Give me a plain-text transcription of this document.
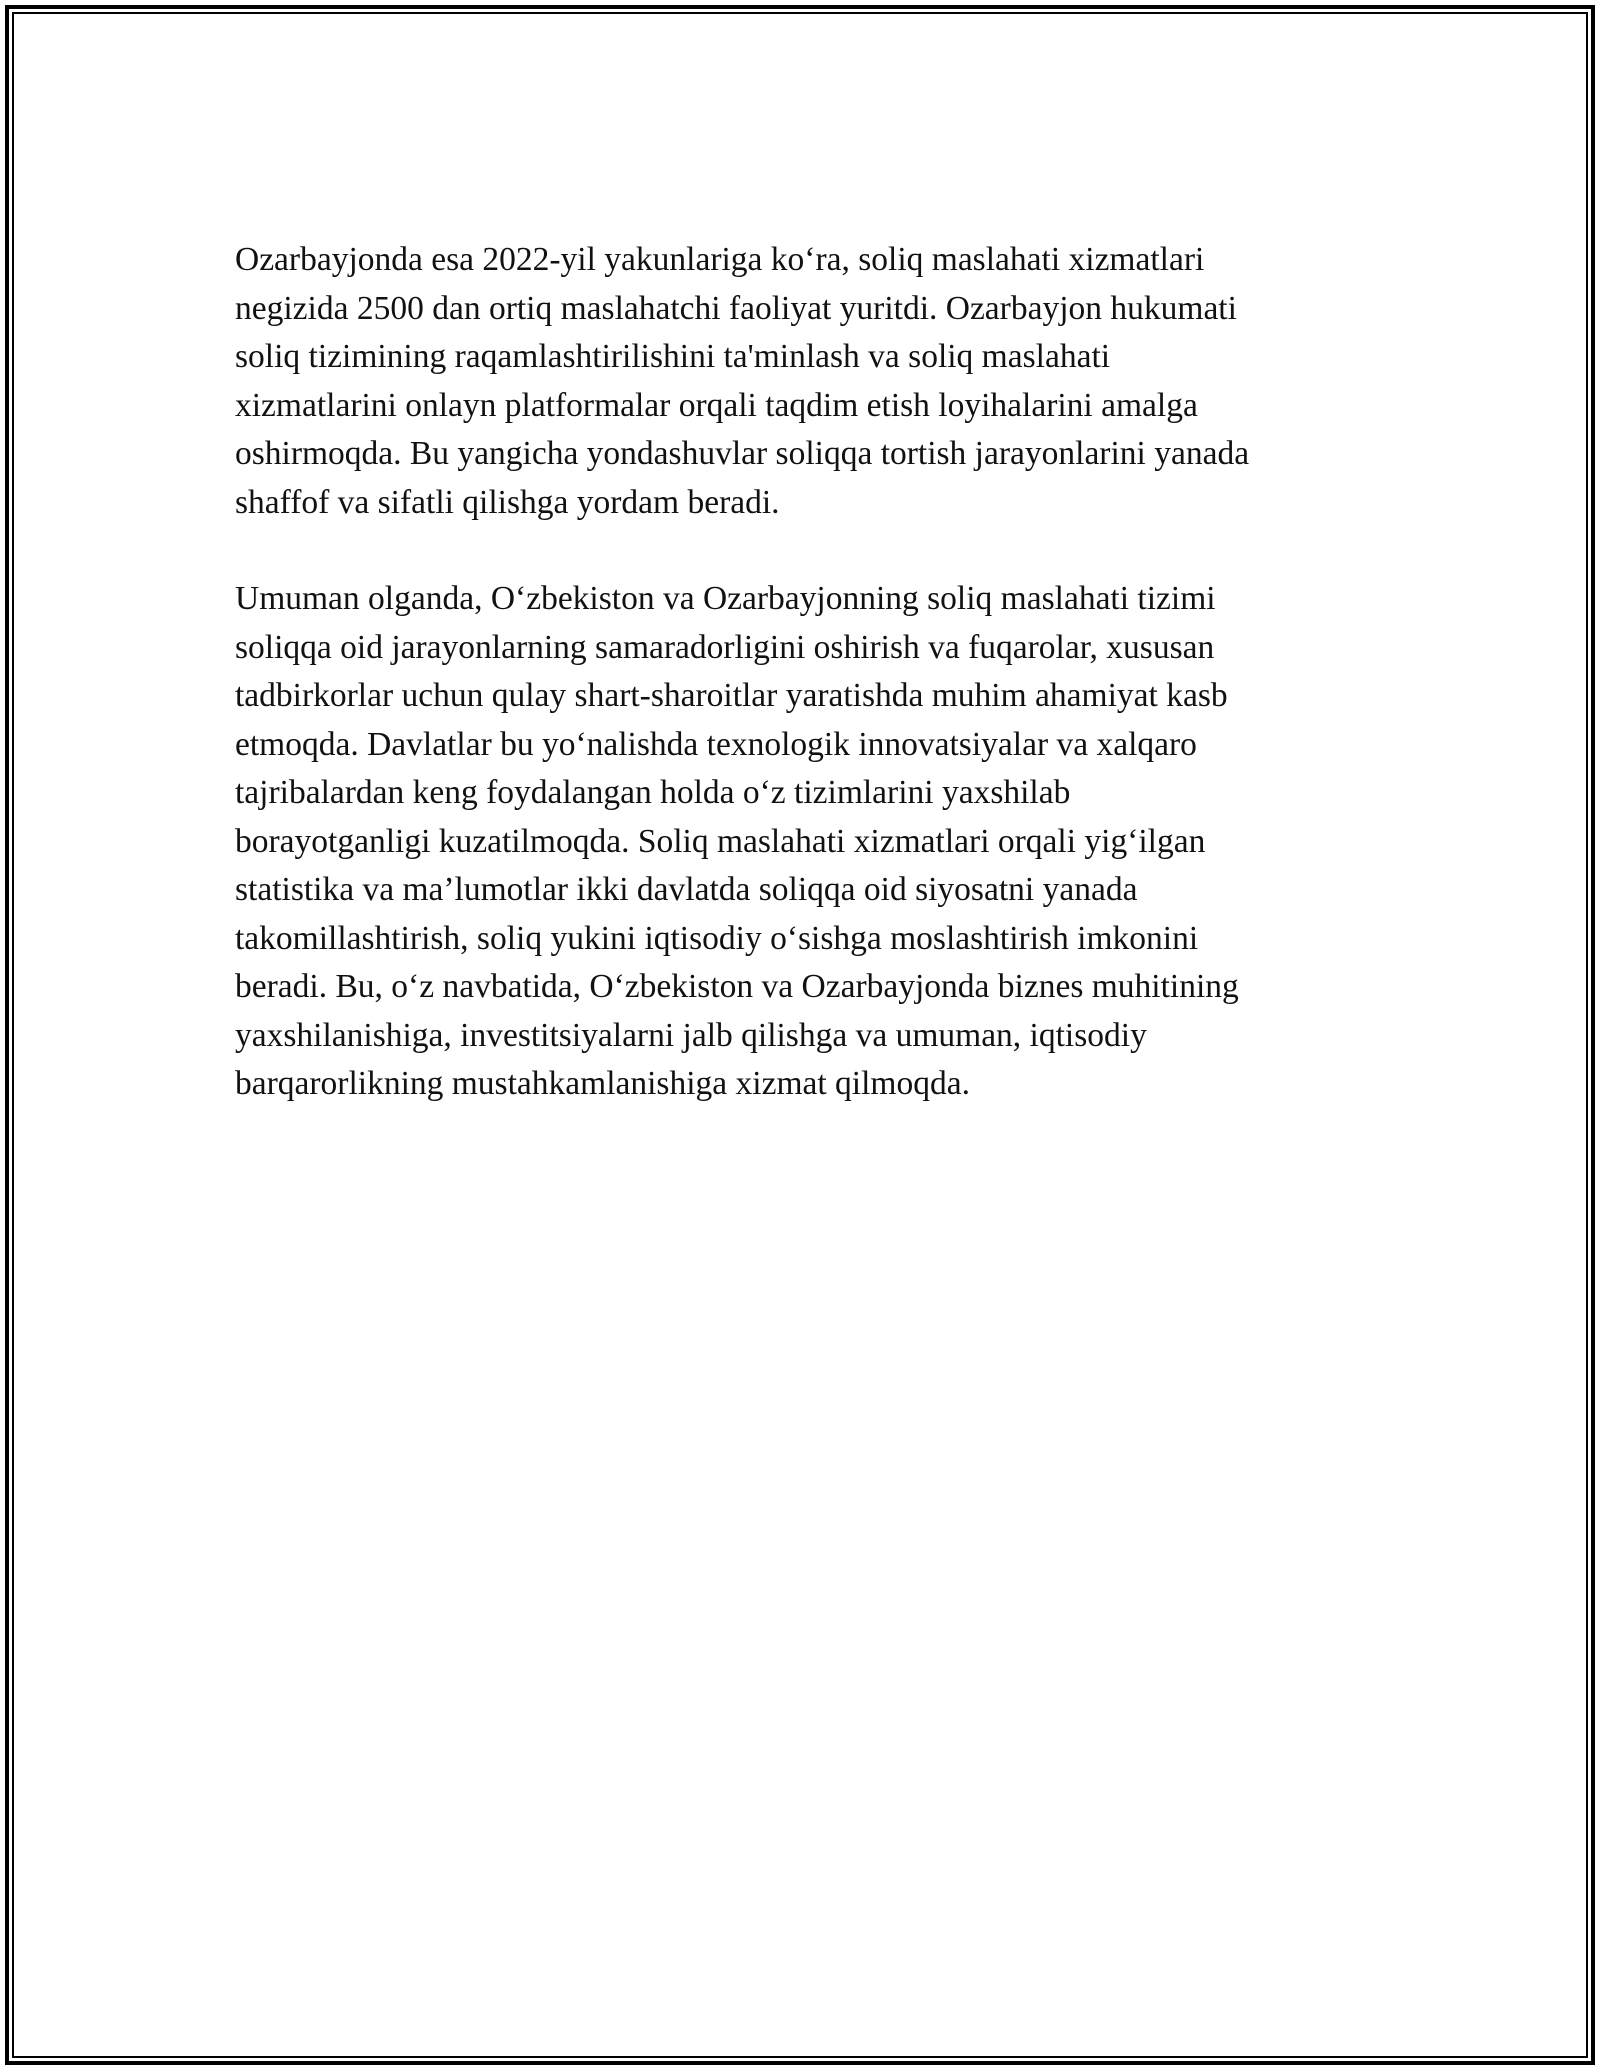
Ozarbayjonda esa 2022-yil yakunlariga ko‘ra, soliq maslahati xizmatlari
negizida 2500 dan ortiq maslahatchi faoliyat yuritdi. Ozarbayjon hukumati
soliq tizimining raqamlashtirilishini ta'minlash va soliq maslahati
xizmatlarini onlayn platformalar orqali taqdim etish loyihalarini amalga
oshirmoqda. Bu yangicha yondashuvlar soliqqa tortish jarayonlarini yanada
shaffof va sifatli qilishga yordam beradi.

Umuman olganda, O‘zbekiston va Ozarbayjonning soliq maslahati tizimi
soliqqa oid jarayonlarning samaradorligini oshirish va fuqarolar, xususan
tadbirkorlar uchun qulay shart-sharoitlar yaratishda muhim ahamiyat kasb
etmoqda. Davlatlar bu yo‘nalishda texnologik innovatsiyalar va xalqaro
tajribalardan keng foydalangan holda o‘z tizimlarini yaxshilab
borayotganligi kuzatilmoqda. Soliq maslahati xizmatlari orqali yig‘ilgan
statistika va ma’lumotlar ikki davlatda soliqqa oid siyosatni yanada
takomillashtirish, soliq yukini iqtisodiy o‘sishga moslashtirish imkonini
beradi. Bu, o‘z navbatida, O‘zbekiston va Ozarbayjonda biznes muhitining
yaxshilanishiga, investitsiyalarni jalb qilishga va umuman, iqtisodiy
barqarorlikning mustahkamlanishiga xizmat qilmoqda.
